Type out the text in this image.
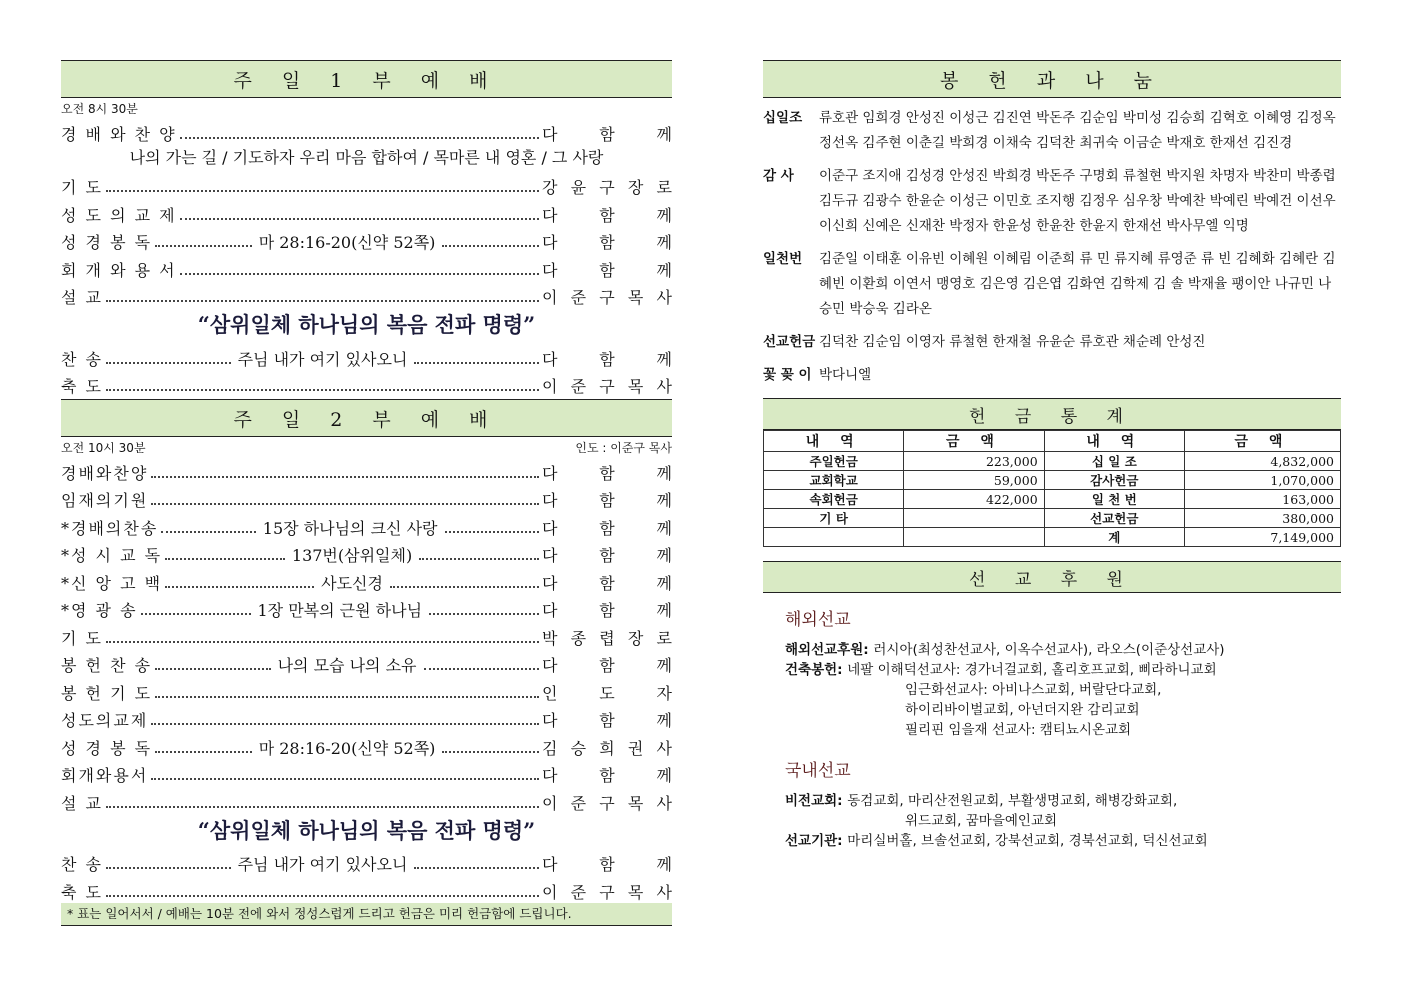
주 일 1 부 예 배
오전 8시 30분
경 배 와 찬 양	다	함	께
나의 가는 길 / 기도하자 우리 마음 합하여 / 목마른 내 영혼 / 그 사랑
기 도	강 윤 구 장 로
성 도 의 교 제	다	함	께
성 경 봉 독	마 28:16-20(신약 52쪽)	다	함	께
회 개 와 용 서	다	함	께
설 교	이 준 구 목 사
“삼위일체 하나님의 복음 전파 명령”
찬 송	주님 내가 여기 있사오니	다	함	께
축 도	이 준 구 목 사
주 일 2 부 예 배
오전 10시 30분	인도 : 이준구 목사
경배와찬양	다	함	께
임재의기원	다	함	께
*경배의찬송	15장 하나님의 크신 사랑	다	함	께
*성 시 교 독	137번(삼위일체)	다	함	께
*신 앙 고 백	사도신경	다	함	께
*영 광 송	1장 만복의 근원 하나님	다	함	께
기 도	박 종 렵 장 로
봉 헌 찬 송	나의 모습 나의 소유	다	함	께
봉 헌 기 도	인	도	자
성도의교제	다	함	께
성 경 봉 독	마 28:16-20(신약 52쪽)	김 승 희 권 사
회개와용서	다	함	께
설 교	이 준 구 목 사
“삼위일체 하나님의 복음 전파 명령”
찬 송	주님 내가 여기 있사오니	다	함	께
축 도	이 준 구 목 사
* 표는 일어서서 / 예배는 10분 전에 와서 정성스럽게 드리고 헌금은 미리 헌금함에 드립니다.
봉 헌 과 나 눔
십일조	류호관 임희경 안성진 이성근 김진연 박돈주 김순임 박미성 김승희 김혁호 이혜영 김정옥 정선옥 김주현 이춘길 박희경 이채숙 김덕찬 최귀숙 이금순 박재호 한재선 김진경
감 사	이준구 조지애 김성경 안성진 박희경 박돈주 구명회 류철현 박지원 차명자 박찬미 박종렵 김두규 김광수 한윤순 이성근 이민호 조지행 김정우 심우창 박예찬 박예린 박예건 이선우 이신희 신예은 신재찬 박정자 한윤성 한윤찬 한윤지 한재선 박사무엘 익명
일천번	김준일 이태훈 이유빈 이혜원 이혜림 이준희 류 민 류지혜 류영준 류 빈 김혜화 김혜란 김혜빈 이환희 이연서 맹영호 김은영 김은엽 김화연 김학제 김 솔 박재율 팽이안 나규민 나승민 박승욱 김라온
선교헌금 김덕찬 김순임 이영자 류철현 한재철 유윤순 류호관 채순례 안성진
꽃 꽂 이 박다니엘
헌 금 통 계
내 역	금 액	내 역	금 액
주일헌금	223,000	십 일 조	4,832,000
교회학교	59,000	감사헌금	1,070,000
속회헌금	422,000	일 천 번	163,000
기 타		선교헌금	380,000
		계	7,149,000
선 교 후 원
해외선교
해외선교후원: 러시아(최성찬선교사, 이옥수선교사), 라오스(이준상선교사)
건축봉헌: 네팔 이해덕선교사: 경가너걸교회, 홀리호프교회, 삐라하니교회
임근화선교사: 아비나스교회, 버랄단다교회,
하이리바이벌교회, 아넌더지완 감리교회
필리핀 임을재 선교사: 캠티뇨시온교회
국내선교
비전교회: 동검교회, 마리산전원교회, 부활생명교회, 해병강화교회,
위드교회, 꿈마을예인교회
선교기관: 마리실버홀, 브솔선교회, 강북선교회, 경북선교회, 덕신선교회
